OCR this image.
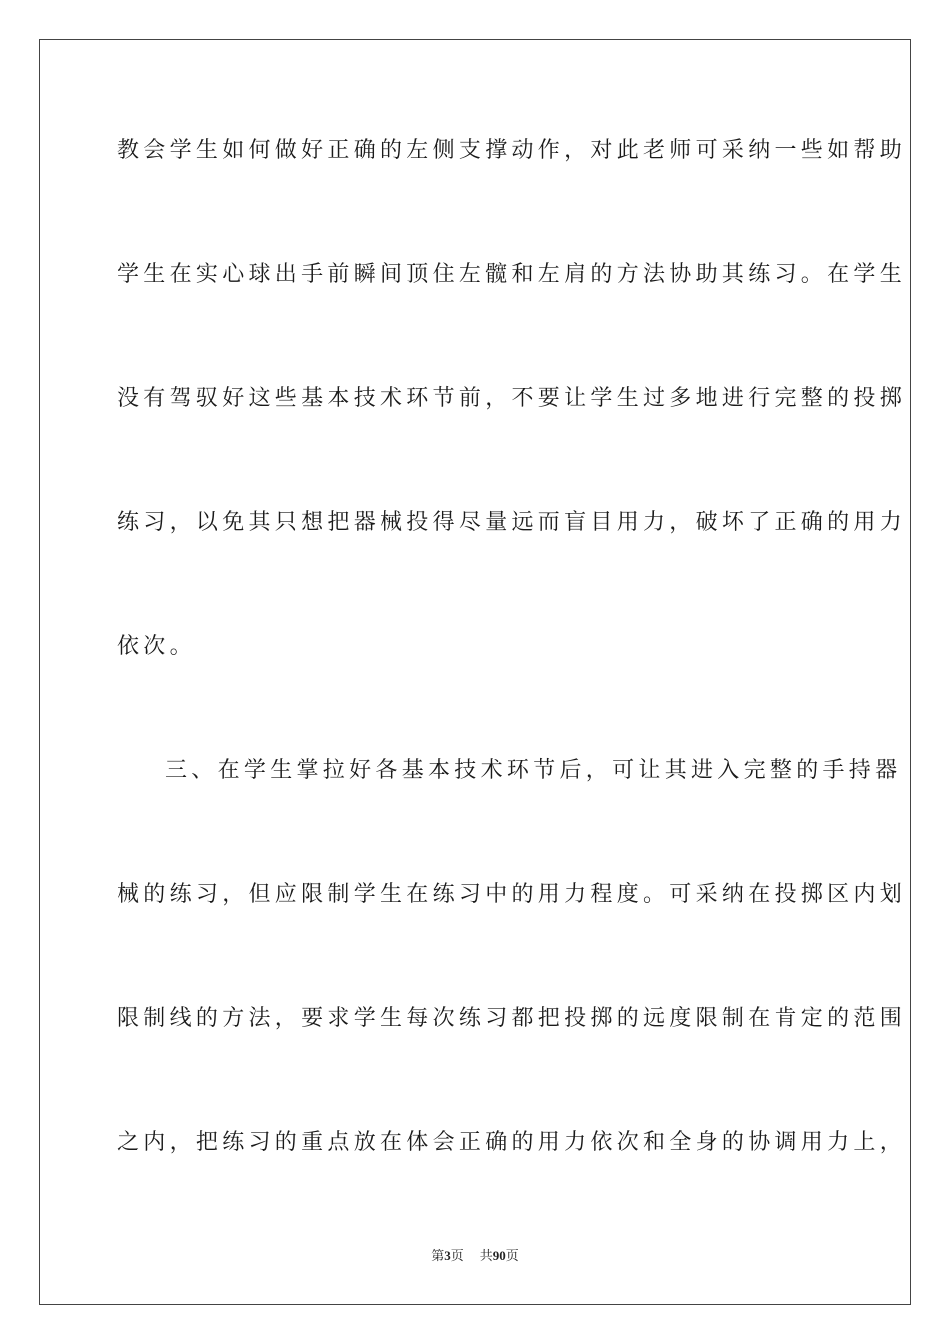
教会学生如何做好正确的左侧支撑动作，对此老师可采纳一些如帮助
学生在实心球出手前瞬间顶住左髋和左肩的方法协助其练习。在学生
没有驾驭好这些基本技术环节前，不要让学生过多地进行完整的投掷
练习，以免其只想把器械投得尽量远而盲目用力，破坏了正确的用力
依次。
三、在学生掌拉好各基本技术环节后，可让其进入完整的手持器
械的练习，但应限制学生在练习中的用力程度。可采纳在投掷区内划
限制线的方法，要求学生每次练习都把投掷的远度限制在肯定的范围
之内，把练习的重点放在体会正确的用力依次和全身的协调用力上，
第3页 共90页
